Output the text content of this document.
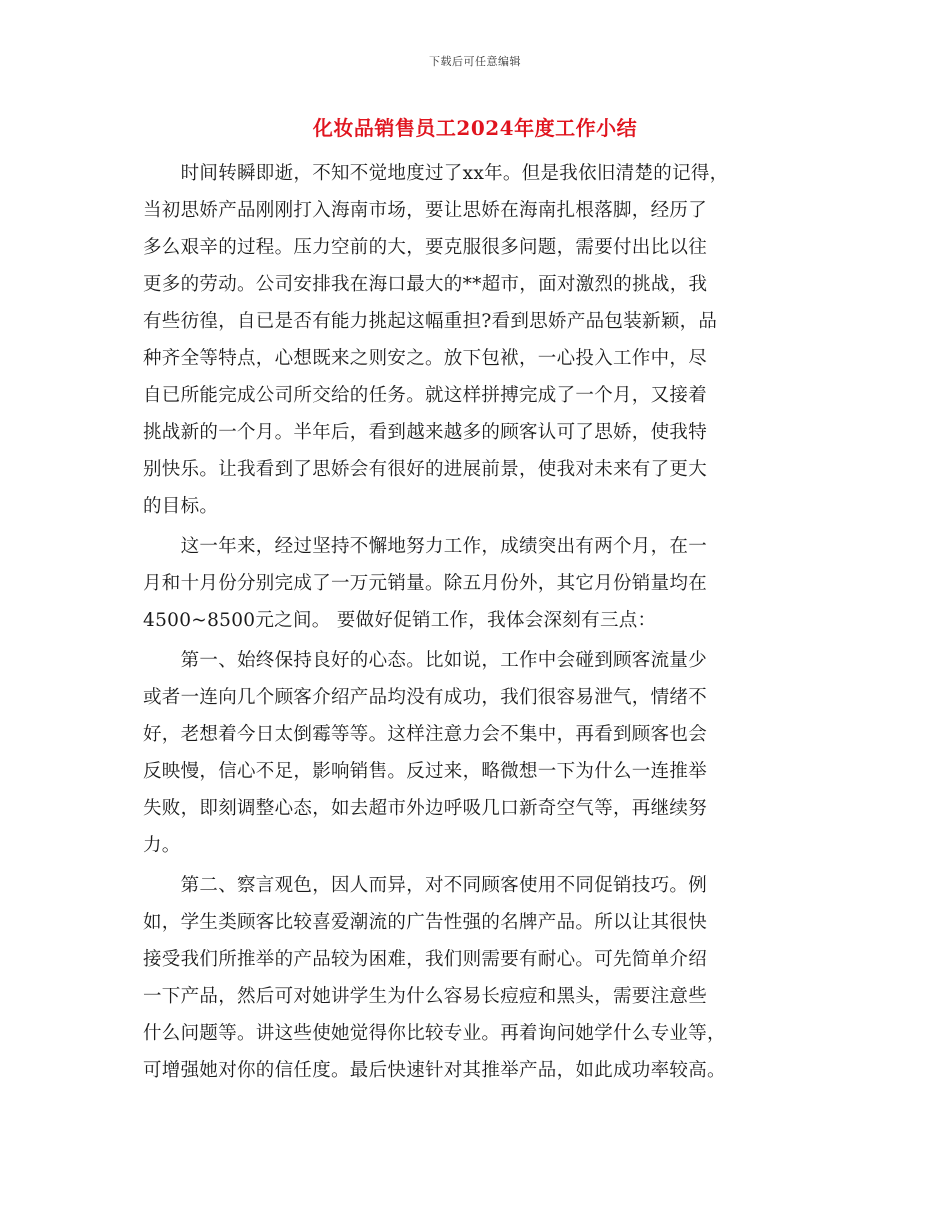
下载后可任意编辑
化妆品销售员工2024年度工作小结

　　时间转瞬即逝，不知不觉地度过了xx年。但是我依旧清楚的记得，
当初思娇产品刚刚打入海南市场，要让思娇在海南扎根落脚，经历了
多么艰辛的过程。压力空前的大，要克服很多问题，需要付出比以往
更多的劳动。公司安排我在海口最大的**超市，面对激烈的挑战，我
有些彷徨，自已是否有能力挑起这幅重担?看到思娇产品包装新颖，品
种齐全等特点，心想既来之则安之。放下包袱，一心投入工作中，尽
自已所能完成公司所交给的任务。就这样拼搏完成了一个月，又接着
挑战新的一个月。半年后，看到越来越多的顾客认可了思娇，使我特
别快乐。让我看到了思娇会有很好的进展前景，使我对未来有了更大
的目标。

　　这一年来，经过坚持不懈地努力工作，成绩突出有两个月，在一
月和十月份分别完成了一万元销量。除五月份外，其它月份销量均在
4500~8500元之间。 要做好促销工作，我体会深刻有三点：

　　第一、始终保持良好的心态。比如说，工作中会碰到顾客流量少
或者一连向几个顾客介绍产品均没有成功，我们很容易泄气，情绪不
好，老想着今日太倒霉等等。这样注意力会不集中，再看到顾客也会
反映慢，信心不足，影响销售。反过来，略微想一下为什么一连推举
失败，即刻调整心态，如去超市外边呼吸几口新奇空气等，再继续努
力。

　　第二、察言观色，因人而异，对不同顾客使用不同促销技巧。例
如，学生类顾客比较喜爱潮流的广告性强的名牌产品。所以让其很快
接受我们所推举的产品较为困难，我们则需要有耐心。可先简单介绍
一下产品，然后可对她讲学生为什么容易长痘痘和黑头，需要注意些
什么问题等。讲这些使她觉得你比较专业。再着询问她学什么专业等，
可增强她对你的信任度。最后快速针对其推举产品，如此成功率较高。
